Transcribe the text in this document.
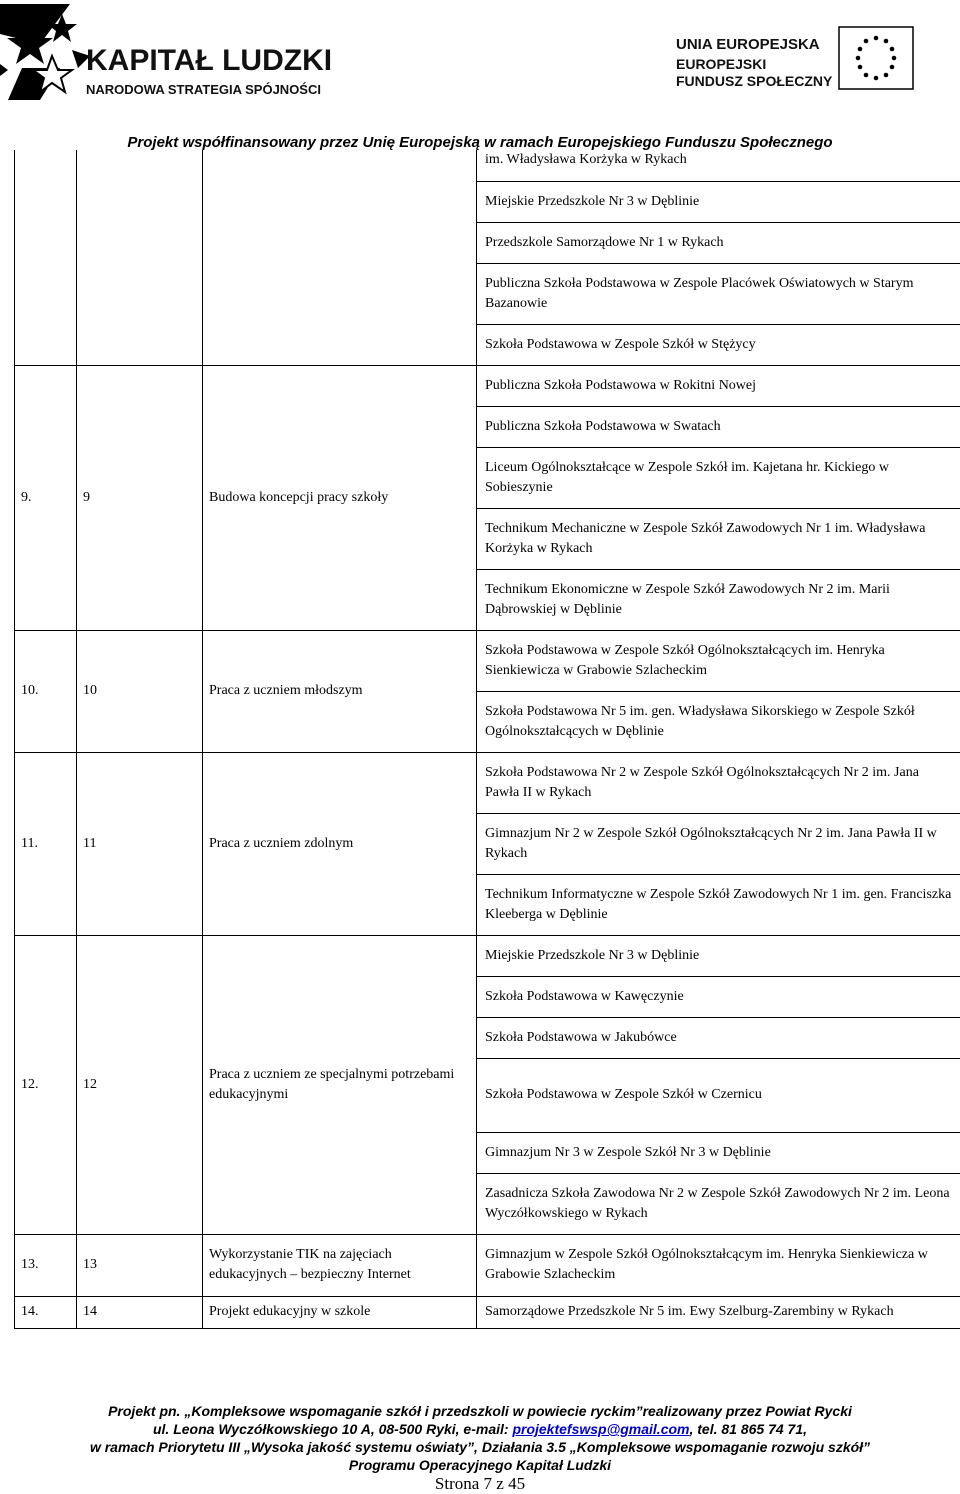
KAPITAŁ LUDZKI
NARODOWA STRATEGIA SPÓJNOŚCI
UNIA EUROPEJSKA
EUROPEJSKI
FUNDUSZ SPOŁECZNY
Projekt współfinansowany przez Unię Europejską w ramach Europejskiego Funduszu Społecznego
			im. Władysława Korżyka w Rykach
			Miejskie Przedszkole Nr 3 w Dęblinie
			Przedszkole Samorządowe Nr 1 w Rykach
			Publiczna Szkoła Podstawowa w Zespole Placówek Oświatowych w Starym Bazanowie
			Szkoła Podstawowa w Zespole Szkół w Stężycy
9.	9	Budowa koncepcji pracy szkoły	Publiczna Szkoła Podstawowa w Rokitni Nowej
			Publiczna Szkoła Podstawowa w Swatach
			Liceum Ogólnokształcące w Zespole Szkół im. Kajetana hr. Kickiego w Sobieszynie
			Technikum Mechaniczne w Zespole Szkół Zawodowych Nr 1 im. Władysława Korżyka w Rykach
			Technikum Ekonomiczne w Zespole Szkół Zawodowych Nr 2 im. Marii Dąbrowskiej w Dęblinie
10.	10	Praca z uczniem młodszym	Szkoła Podstawowa w Zespole Szkół Ogólnokształcących im. Henryka Sienkiewicza w Grabowie Szlacheckim
			Szkoła Podstawowa Nr 5 im. gen. Władysława Sikorskiego w Zespole Szkół Ogólnokształcących w Dęblinie
11.	11	Praca z uczniem zdolnym	Szkoła Podstawowa Nr 2 w Zespole Szkół Ogólnokształcących Nr 2 im. Jana Pawła II w Rykach
			Gimnazjum Nr 2 w Zespole Szkół Ogólnokształcących Nr 2 im. Jana Pawła II w Rykach
			Technikum Informatyczne w Zespole Szkół Zawodowych Nr 1 im. gen. Franciszka Kleeberga w Dęblinie
12.	12	Praca z uczniem ze specjalnymi potrzebami edukacyjnymi	Miejskie Przedszkole Nr 3 w Dęblinie
			Szkoła Podstawowa w Kawęczynie
			Szkoła Podstawowa w Jakubówce
			Szkoła Podstawowa w Zespole Szkół w Czernicu
			Gimnazjum Nr 3 w Zespole Szkół Nr 3 w Dęblinie
			Zasadnicza Szkoła Zawodowa Nr 2 w Zespole Szkół Zawodowych Nr 2 im. Leona Wyczółkowskiego w Rykach
13.	13	Wykorzystanie TIK na zajęciach edukacyjnych – bezpieczny Internet	Gimnazjum w Zespole Szkół Ogólnokształcącym im. Henryka Sienkiewicza w Grabowie Szlacheckim
14.	14	Projekt edukacyjny w szkole	Samorządowe Przedszkole Nr 5 im. Ewy Szelburg-Zarembiny w Rykach
Projekt pn. „Kompleksowe wspomaganie szkół i przedszkoli w powiecie ryckim”realizowany przez Powiat Rycki
ul. Leona Wyczółkowskiego 10 A, 08-500 Ryki, e-mail: projektefswsp@gmail.com, tel. 81 865 74 71,
w ramach Priorytetu III „Wysoka jakość systemu oświaty”, Działania 3.5 „Kompleksowe wspomaganie rozwoju szkół”
Programu Operacyjnego Kapitał Ludzki
Strona 7 z 45
